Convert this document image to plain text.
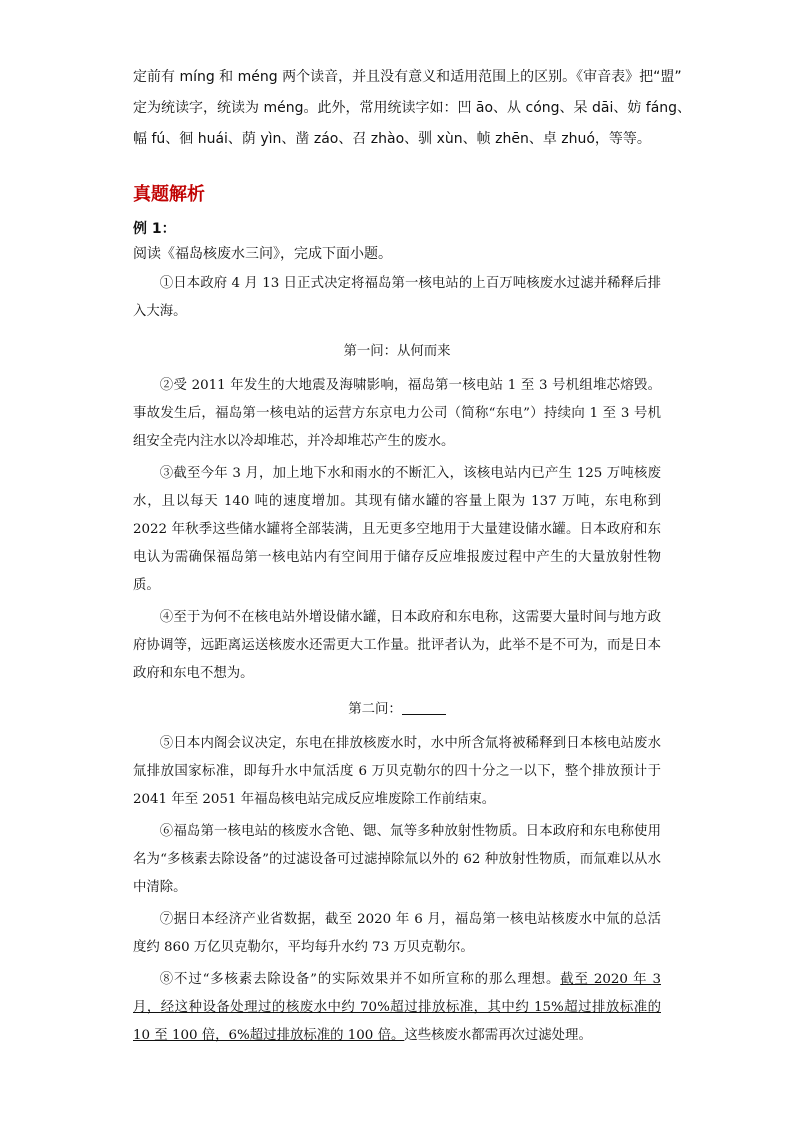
定前有 míng 和 méng 两个读音，并且没有意义和适用范围上的区别。《审音表》把“盟”

定为统读字，统读为 méng。此外，常用统读字如：凹 āo、从 cóng、呆 dāi、妨 fáng、

幅 fú、徊 huái、荫 yìn、凿 záo、召 zhào、驯 xùn、帧 zhēn、卓 zhuó，等等。

真题解析

例 1：

阅读《福岛核废水三问》，完成下面小题。

①日本政府 4 月 13 日正式决定将福岛第一核电站的上百万吨核废水过滤并稀释后排入大海。

第一问：从何而来

②受 2011 年发生的大地震及海啸影响，福岛第一核电站 1 至 3 号机组堆芯熔毁。事故发生后，福岛第一核电站的运营方东京电力公司（简称“东电”）持续向 1 至 3 号机组安全壳内注水以冷却堆芯，并冷却堆芯产生的废水。

③截至今年 3 月，加上地下水和雨水的不断汇入，该核电站内已产生 125 万吨核废水，且以每天 140 吨的速度增加。其现有储水罐的容量上限为 137 万吨，东电称到 2022 年秋季这些储水罐将全部装满，且无更多空地用于大量建设储水罐。日本政府和东电认为需确保福岛第一核电站内有空间用于储存反应堆报废过程中产生的大量放射性物质。

④至于为何不在核电站外增设储水罐，日本政府和东电称，这需要大量时间与地方政府协调等，远距离运送核废水还需更大工作量。批评者认为，此举不是不可为，而是日本政府和东电不想为。

第二问：

⑤日本内阁会议决定，东电在排放核废水时，水中所含氚将被稀释到日本核电站废水氚排放国家标准，即每升水中氚活度 6 万贝克勒尔的四十分之一以下，整个排放预计于 2041 年至 2051 年福岛核电站完成反应堆废除工作前结束。

⑥福岛第一核电站的核废水含铯、锶、氚等多种放射性物质。日本政府和东电称使用名为“多核素去除设备”的过滤设备可过滤掉除氚以外的 62 种放射性物质，而氚难以从水中清除。

⑦据日本经济产业省数据，截至 2020 年 6 月，福岛第一核电站核废水中氚的总活度约 860 万亿贝克勒尔，平均每升水约 73 万贝克勒尔。

⑧不过“多核素去除设备”的实际效果并不如所宣称的那么理想。截至 2020 年 3 月，经这种设备处理过的核废水中约 70%超过排放标准，其中约 15%超过排放标准的 10 至 100 倍，6%超过排放标准的 100 倍。这些核废水都需再次过滤处理。
